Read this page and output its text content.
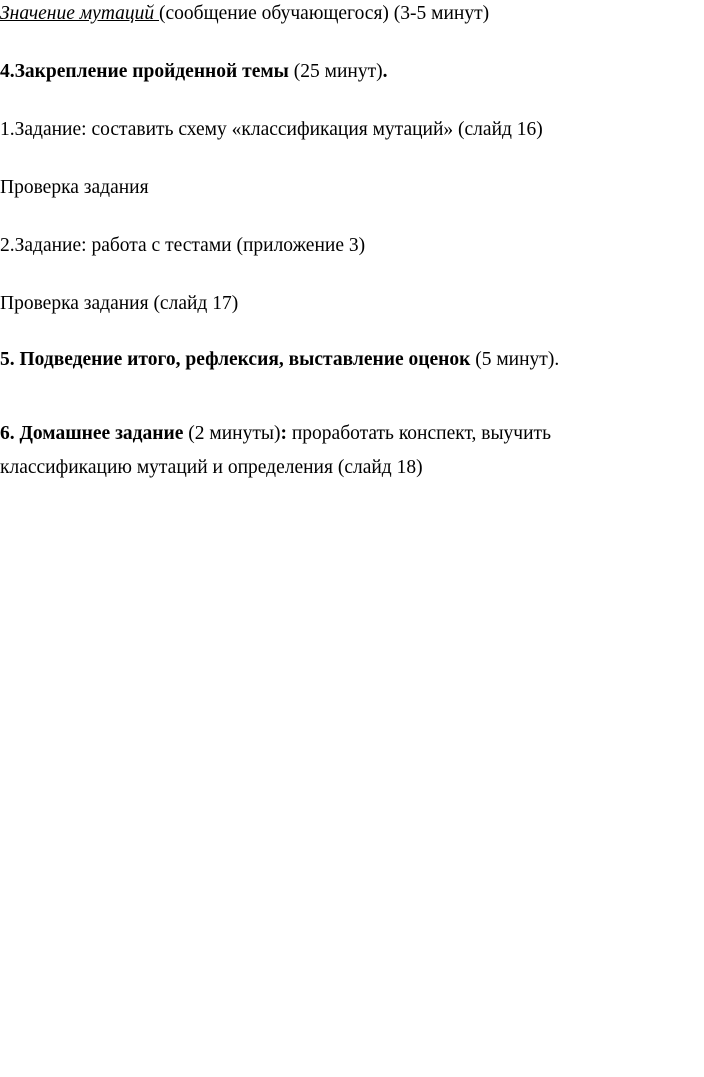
Значение мутаций (сообщение обучающегося) (3-5 минут)
4.Закрепление пройденной темы (25 минут).
1.Задание: составить схему «классификация мутаций» (слайд 16)
Проверка задания
2.Задание: работа с тестами (приложение 3)
Проверка задания (слайд 17)
5. Подведение итого, рефлексия, выставление оценок (5 минут).
6. Домашнее задание (2 минуты): проработать конспект, выучить
классификацию мутаций и определения (слайд 18)
